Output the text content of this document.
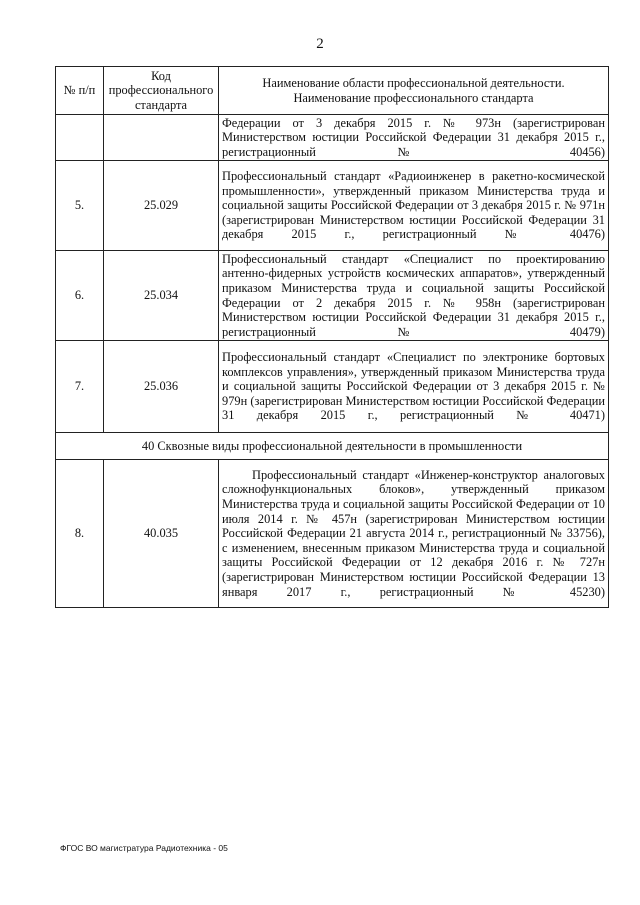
2
№ п/п	Код профессионального стандарта	Наименование области профессиональной деятельности. Наименование профессионального стандарта
		Федерации от 3 декабря 2015 г. № 973н (зарегистрирован Министерством юстиции Российской Федерации 31 декабря 2015 г., регистрационный № 40456)
5.	25.029	Профессиональный стандарт «Радиоинженер в ракетно-космической промышленности», утвержденный приказом Министерства труда и социальной защиты Российской Федерации от 3 декабря 2015 г. № 971н (зарегистрирован Министерством юстиции Российской Федерации 31 декабря 2015 г., регистрационный № 40476)
6.	25.034	Профессиональный стандарт «Специалист по проектированию антенно-фидерных устройств космических аппаратов», утвержденный приказом Министерства труда и социальной защиты Российской Федерации от 2 декабря 2015 г. № 958н (зарегистрирован Министерством юстиции Российской Федерации 31 декабря 2015 г., регистрационный № 40479)
7.	25.036	Профессиональный стандарт «Специалист по электронике бортовых комплексов управления», утвержденный приказом Министерства труда и социальной защиты Российской Федерации от 3 декабря 2015 г. № 979н (зарегистрирован Министерством юстиции Российской Федерации 31 декабря 2015 г., регистрационный № 40471)
40 Сквозные виды профессиональной деятельности в промышленности		
8.	40.035	Профессиональный стандарт «Инженер-конструктор аналоговых сложнофункциональных блоков», утвержденный приказом Министерства труда и социальной защиты Российской Федерации от 10 июля 2014 г. № 457н (зарегистрирован Министерством юстиции Российской Федерации 21 августа 2014 г., регистрационный № 33756), с изменением, внесенным приказом Министерства труда и социальной защиты Российской Федерации от 12 декабря 2016 г. № 727н (зарегистрирован Министерством юстиции Российской Федерации 13 января 2017 г., регистрационный № 45230)
ФГОС ВО магистратура Радиотехника - 05
